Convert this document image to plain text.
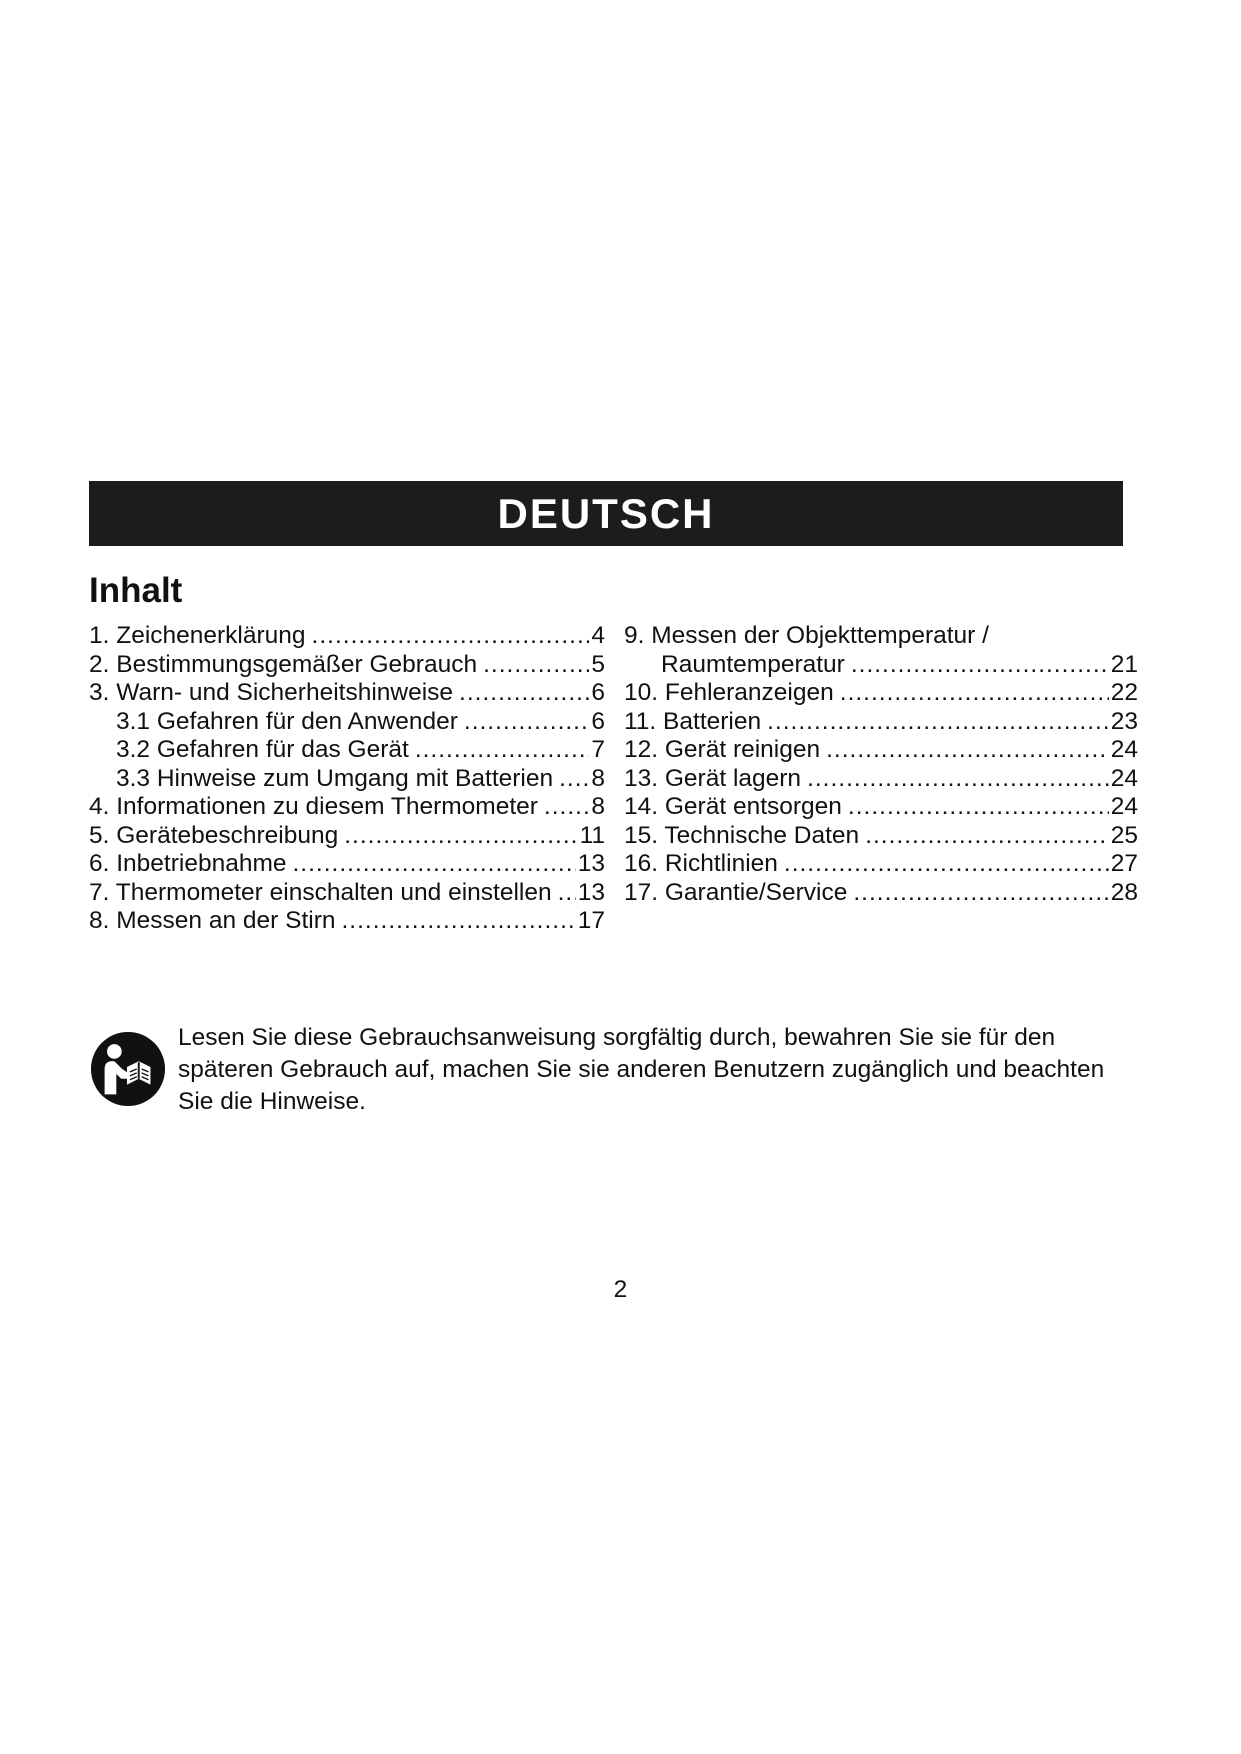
DEUTSCH
Inhalt
1. Zeichenerklärung .....	4
2. Bestimmungsgemäßer Gebrauch .....	5
3. Warn- und Sicherheitshinweise .....	6
3.1 Gefahren für den Anwender .....	6
3.2 Gefahren für das Gerät .....	7
3.3 Hinweise zum Umgang mit Batterien ..... 8
4. Informationen zu diesem Thermometer ..... 8
5. Gerätebeschreibung .....	11
6. Inbetriebnahme .....	13
7. Thermometer einschalten und einstellen ..... 13
8. Messen an der Stirn .....	17
9. Messen der Objekttemperatur /
Raumtemperatur .....	21
10. Fehleranzeigen .....	22
11. Batterien .....	23
12. Gerät reinigen .....	24
13. Gerät lagern .....	24
14. Gerät entsorgen .....	24
15. Technische Daten .....	25
16. Richtlinien .....	27
17. Garantie/Service .....	28

Lesen Sie diese Gebrauchsanweisung sorgfältig durch, bewahren Sie sie für den späteren Gebrauch auf, machen Sie sie anderen Benutzern zugänglich und beachten Sie die Hinweise.

2
